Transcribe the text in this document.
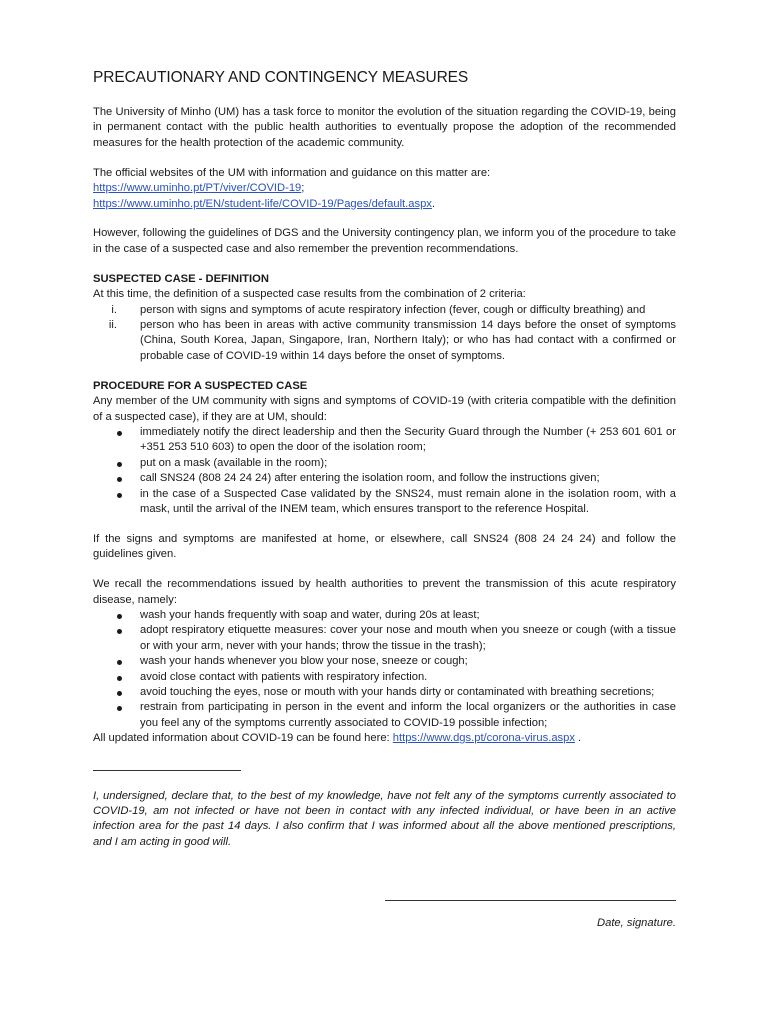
PRECAUTIONARY AND CONTINGENCY MEASURES

The University of Minho (UM) has a task force to monitor the evolution of the situation regarding the COVID-19, being in permanent contact with the public health authorities to eventually propose the adoption of the recommended measures for the health protection of the academic community.

The official websites of the UM with information and guidance on this matter are:

https://www.uminho.pt/PT/viver/COVID-19;

https://www.uminho.pt/EN/student-life/COVID-19/Pages/default.aspx.

However, following the guidelines of DGS and the University contingency plan, we inform you of the procedure to take in the case of a suspected case and also remember the prevention recommendations.

SUSPECTED CASE - DEFINITION

At this time, the definition of a suspected case results from the combination of 2 criteria:

i. person with signs and symptoms of acute respiratory infection (fever, cough or difficulty breathing) and
ii. person who has been in areas with active community transmission 14 days before the onset of symptoms (China, South Korea, Japan, Singapore, Iran, Northern Italy); or who has had contact with a confirmed or probable case of COVID-19 within 14 days before the onset of symptoms.

PROCEDURE FOR A SUSPECTED CASE

Any member of the UM community with signs and symptoms of COVID-19 (with criteria compatible with the definition of a suspected case), if they are at UM, should:

immediately notify the direct leadership and then the Security Guard through the Number (+ 253 601 601 or +351 253 510 603) to open the door of the isolation room;
put on a mask (available in the room);
call SNS24 (808 24 24 24) after entering the isolation room, and follow the instructions given;
in the case of a Suspected Case validated by the SNS24, must remain alone in the isolation room, with a mask, until the arrival of the INEM team, which ensures transport to the reference Hospital.

If the signs and symptoms are manifested at home, or elsewhere, call SNS24 (808 24 24 24) and follow the guidelines given.

We recall the recommendations issued by health authorities to prevent the transmission of this acute respiratory disease, namely:

wash your hands frequently with soap and water, during 20s at least;
adopt respiratory etiquette measures: cover your nose and mouth when you sneeze or cough (with a tissue or with your arm, never with your hands; throw the tissue in the trash);
wash your hands whenever you blow your nose, sneeze or cough;
avoid close contact with patients with respiratory infection.
avoid touching the eyes, nose or mouth with your hands dirty or contaminated with breathing secretions;
restrain from participating in person in the event and inform the local organizers or the authorities in case you feel any of the symptoms currently associated to COVID-19 possible infection;

All updated information about COVID-19 can be found here: https://www.dgs.pt/corona-virus.aspx .

I, undersigned, declare that, to the best of my knowledge, have not felt any of the symptoms currently associated to COVID-19, am not infected or have not been in contact with any infected individual, or have been in an active infection area for the past 14 days. I also confirm that I was informed about all the above mentioned prescriptions, and I am acting in good will.

Date, signature.
